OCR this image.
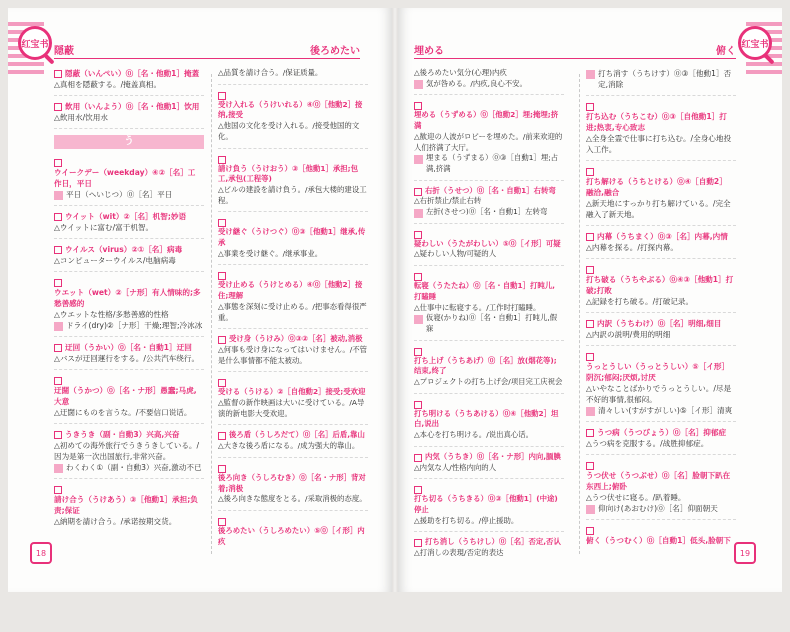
红宝书
隠蔽	後ろめたい
隠蔽（いんぺい）⓪［名・他動1］掩蓋
△真相を隠蔽する。/掩盖真相。
飲用（いんよう）⓪［名・他動1］饮用
△飲用水/饮用水
う
ウイークデー（weekday）④②［名］工作日，平日
平日（へいじつ）⓪［名］平日
ウイット（wit）②［名］机智;妙语
△ウイットに富む/富于机智。
ウイルス（virus）②①［名］病毒
△コンピューターウイルス/电脑病毒
ウエット（wet）②［ナ形］有人情味的;多愁善感的
△ウエットな性格/多愁善感的性格
ドライ(dry)②［ナ形］干燥;理智;冷冰冰
迂回（うかい）⓪［名・自動1］迂回
△バスが迂回運行をする。/公共汽车绕行。
迂闊（うかつ）⓪［名・ナ形］愚蠢;马虎,大意
△迂闊にものを言うな。/不要信口说话。
うきうき（副・自動3）兴高,兴奋
△初めての海外旅行でうきうきしている。/因为是第一次出国旅行,非常兴奋。
わくわく①（副・自動3）兴奋,激动不已
請け合う（うけあう）③［他動1］承担;负责;保证
△納期を請け合う。/承诺按期交货。
△品質を請け合う。/保证质量。
受け入れる（うけいれる）④⓪［他動2］接纳,接受
△他国の文化を受け入れる。/接受他国的文化。
請け負う（うけおう）③［他動1］承担;包工,承包(工程等)
△ビルの建設を請け負う。/承包大楼的建设工程。
受け継ぐ（うけつぐ）⓪③［他動1］继承,传承
△事業を受け継ぐ。/继承事业。
受け止める（うけとめる）④⓪［他動2］接住;理解
△事態を深刻に受け止める。/把事态看得很严重。
受け身（うけみ）⓪③②［名］被动,消极
△何事も受け身になってはいけません。/不管是什么事情都不能太被动。
受ける（うける）②［自他動2］接受;受欢迎
△監督の新作映画は大いに受けている。/A导演的新电影大受欢迎。
後ろ盾（うしろだて）⓪［名］后盾,靠山
△大きな後ろ盾になる。/成为强大的靠山。
後ろ向き（うしろむき）⓪［名・ナ形］背对着;消极
△後ろ向きな態度をとる。/采取消极的态度。
後ろめたい（うしろめたい）⑤⓪［イ形］内疚
18
红宝书
埋める	俯く
△後ろめたい気分(心理)内疚
気が咎める。/内疚,良心不安。
埋める（うずめる）⓪［他動2］埋;掩埋;挤满
△歓迎の人波がロビーを埋めた。/前来欢迎的人们挤满了大厅。
埋まる（うずまる）⓪③［自動1］埋;占满,挤满
右折（うせつ）⓪［名・自動1］右转弯
△右折禁止/禁止右转
左折(させつ)⓪［名・自動1］左转弯
疑わしい（うたがわしい）⑤⓪［イ形］可疑
△疑わしい人物/可疑的人
転寝（うたたね）⓪［名・自動1］打盹儿,打瞌睡
△仕事中に転寝する。/工作时打瞌睡。
仮寝(かりね)⓪［名・自動1］打盹儿,假寐
打ち上げ（うちあげ）⓪［名］放(烟花等);结束,终了
△プロジェクトの打ち上げ会/项目完工庆祝会
打ち明ける（うちあける）⓪④［他動2］坦白,说出
△本心を打ち明ける。/说出真心话。
内気（うちき）⓪［名・ナ形］内向,腼腆
△内気な人/性格内向的人
打ち切る（うちきる）⓪③［他動1］(中途)停止
△援助を打ち切る。/停止援助。
打ち消し（うちけし）⓪［名］否定,否认
△打消しの表現/否定的表达
打ち消す（うちけす）⓪③［他動1］否定,消除
打ち込む（うちこむ）⓪③［自他動1］打进;热衷,专心致志
△全身全霊で仕事に打ち込む。/全身心地投入工作。
打ち解ける（うちとける）⓪④［自動2］融洽,融合
△新天地にすっかり打ち解けている。/完全融入了新天地。
内幕（うちまく）⓪③［名］内幕,内情
△内幕を探る。/打探内幕。
打ち破る（うちやぶる）⓪④③［他動1］打破;打败
△記録を打ち破る。/打破记录。
内訳（うちわけ）⓪［名］明细,细目
△内訳の説明/费用的明细
うっとうしい（うっとうしい）⑤［イ形］阴沉;郁闷;厌烦,讨厌
△いやなことばかりでうっとうしい。/尽是不好的事情,很郁闷。
清々しい(すがすがしい)⑤［イ形］清爽
うつ病（うつびょう）⓪［名］抑郁症
△うつ病を克服する。/战胜抑郁症。
うつ伏せ（うつぶせ）⓪［名］脸朝下趴在东西上;俯卧
△うつ伏せに寝る。/趴着睡。
仰向け(あおむけ)⓪［名］仰面朝天
俯く（うつむく）⓪［自動1］低头,脸朝下
19
